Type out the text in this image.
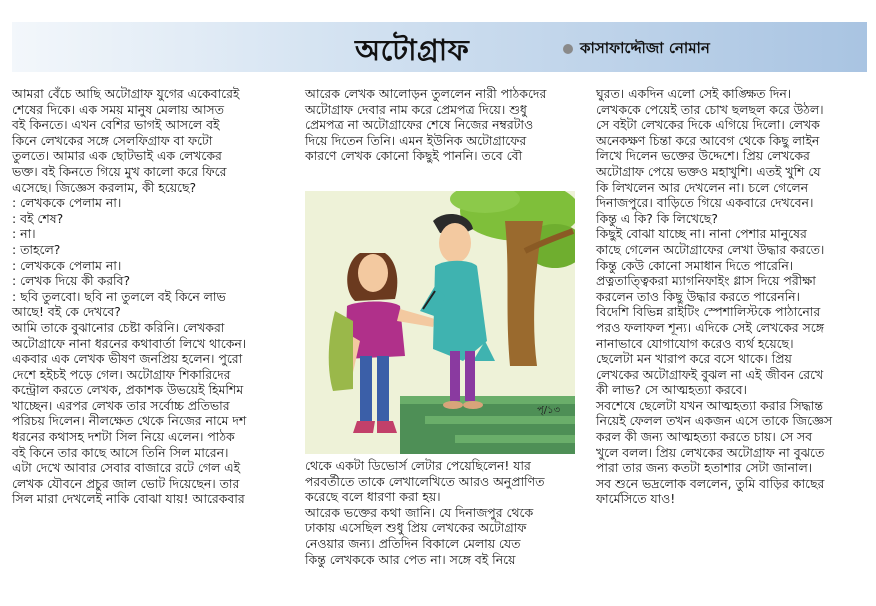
অটোগ্রাফ	কাসাফাদ্দৌজা নোমান

আমরা বেঁচে আছি অটোগ্রাফ যুগের একেবারেই

শেষের দিকে। এক সময় মানুষ মেলায় আসত

বই কিনতে। এখন বেশির ভাগই আসলে বই

কিনে লেখকের সঙ্গে সেলফিগ্রাফ বা ফটো

তুলতে। আমার এক ছোটভাই এক লেখকের

ভক্ত। বই কিনতে গিয়ে মুখ কালো করে ফিরে

এসেছে। জিজ্ঞেস করলাম, কী হয়েছে?

: লেখককে পেলাম না।

: বই শেষ?

: না।

: তাহলে?

: লেখককে পেলাম না।

: লেখক দিয়ে কী করবি?

: ছবি তুলবো। ছবি না তুললে বই কিনে লাভ

আছে! বই কে দেখবে?

আমি তাকে বুঝানোর চেষ্টা করিনি। লেখকরা

অটোগ্রাফে নানা ধরনের কথাবার্তা লিখে থাকেন।

একবার এক লেখক ভীষণ জনপ্রিয় হলেন। পুরো

দেশে হইচই পড়ে গেল। অটোগ্রাফ শিকারিদের

কন্ট্রোল করতে লেখক, প্রকাশক উভয়েই হিমশিম

খাচ্ছেন। এরপর লেখক তার সর্বোচ্চ প্রতিভার

পরিচয় দিলেন। নীলক্ষেত থেকে নিজের নামে দশ

ধরনের কথাসহ দশটা সিল নিয়ে এলেন। পাঠক

বই কিনে তার কাছে আসে তিনি সিল মারেন।

এটা দেখে আবার সেবার বাজারে রটে গেল এই

লেখক যৌবনে প্রচুর জাল ভোট দিয়েছেন। তার

সিল মারা দেখলেই নাকি বোঝা যায়! আরেকবার

আরেক লেখক আলোড়ন তুললেন নারী পাঠকদের

অটোগ্রাফ দেবার নাম করে প্রেমপত্র দিয়ে। শুধু

প্রেমপত্র না অটোগ্রাফের শেষে নিজের নম্বরটাও

দিয়ে দিতেন তিনি। এমন ইউনিক অটোগ্রাফের

কারণে লেখক কোনো কিছুই পাননি। তবে বৌ

পৃ/১৩

থেকে একটা ডিভোর্স লেটার পেয়েছিলেন! যার

পরবর্তীতে তাকে লেখালেখিতে আরও অনুপ্রাণিত

করেছে বলে ধারণা করা হয়।

আরেক ভক্তের কথা জানি। যে দিনাজপুর থেকে

ঢাকায় এসেছিল শুধু প্রিয় লেখকের অটোগ্রাফ

নেওয়ার জন্য। প্রতিদিন বিকালে মেলায় যেত

কিন্তু লেখককে আর পেত না। সঙ্গে বই নিয়ে

ঘুরত। একদিন এলো সেই কাঙ্ক্ষিত দিন।

লেখককে পেয়েই তার চোখ ছলছল করে উঠল।

সে বইটা লেখকের দিকে এগিয়ে দিলো। লেখক

অনেকক্ষণ চিন্তা করে আবেগ থেকে কিছু লাইন

লিখে দিলেন ভক্তের উদ্দেশে। প্রিয় লেখকের

অটোগ্রাফ পেয়ে ভক্তও মহাখুশি। এতই খুশি যে

কি লিখলেন আর দেখলেন না। চলে গেলেন

দিনাজপুরে। বাড়িতে গিয়ে একবারে দেখবেন।

কিন্তু এ কি? কি লিখেছে?

কিছুই বোঝা যাচ্ছে না। নানা পেশার মানুষের

কাছে গেলেন অটোগ্রাফের লেখা উদ্ধার করতে।

কিন্তু কেউ কোনো সমাধান দিতে পারেনি।

প্রত্নতাত্ত্বিকরা ম্যাগনিফাইং গ্লাস দিয়ে পরীক্ষা

করলেন তাও কিছু উদ্ধার করতে পারেননি।

বিদেশি বিভিন্ন রাইটিং স্পেশালিস্টকে পাঠানোর

পরও ফলাফল শূন্য। এদিকে সেই লেখকের সঙ্গে

নানাভাবে যোগাযোগ করেও ব্যর্থ হয়েছে।

ছেলেটা মন খারাপ করে বসে থাকে। প্রিয়

লেখকের অটোগ্রাফই বুঝল না এই জীবন রেখে

কী লাভ? সে আত্মহত্যা করবে।

সবশেষে ছেলেটা যখন আত্মহত্যা করার সিদ্ধান্ত

নিয়েই ফেলল তখন একজন এসে তাকে জিজ্ঞেস

করল কী জন্য আত্মহত্যা করতে চায়। সে সব

খুলে বলল। প্রিয় লেখকের অটোগ্রাফ না বুঝতে

পারা তার জন্য কতটা হতাশার সেটা জানাল।

সব শুনে ভদ্রলোক বললেন, তুমি বাড়ির কাছের

ফার্মেসিতে যাও!
